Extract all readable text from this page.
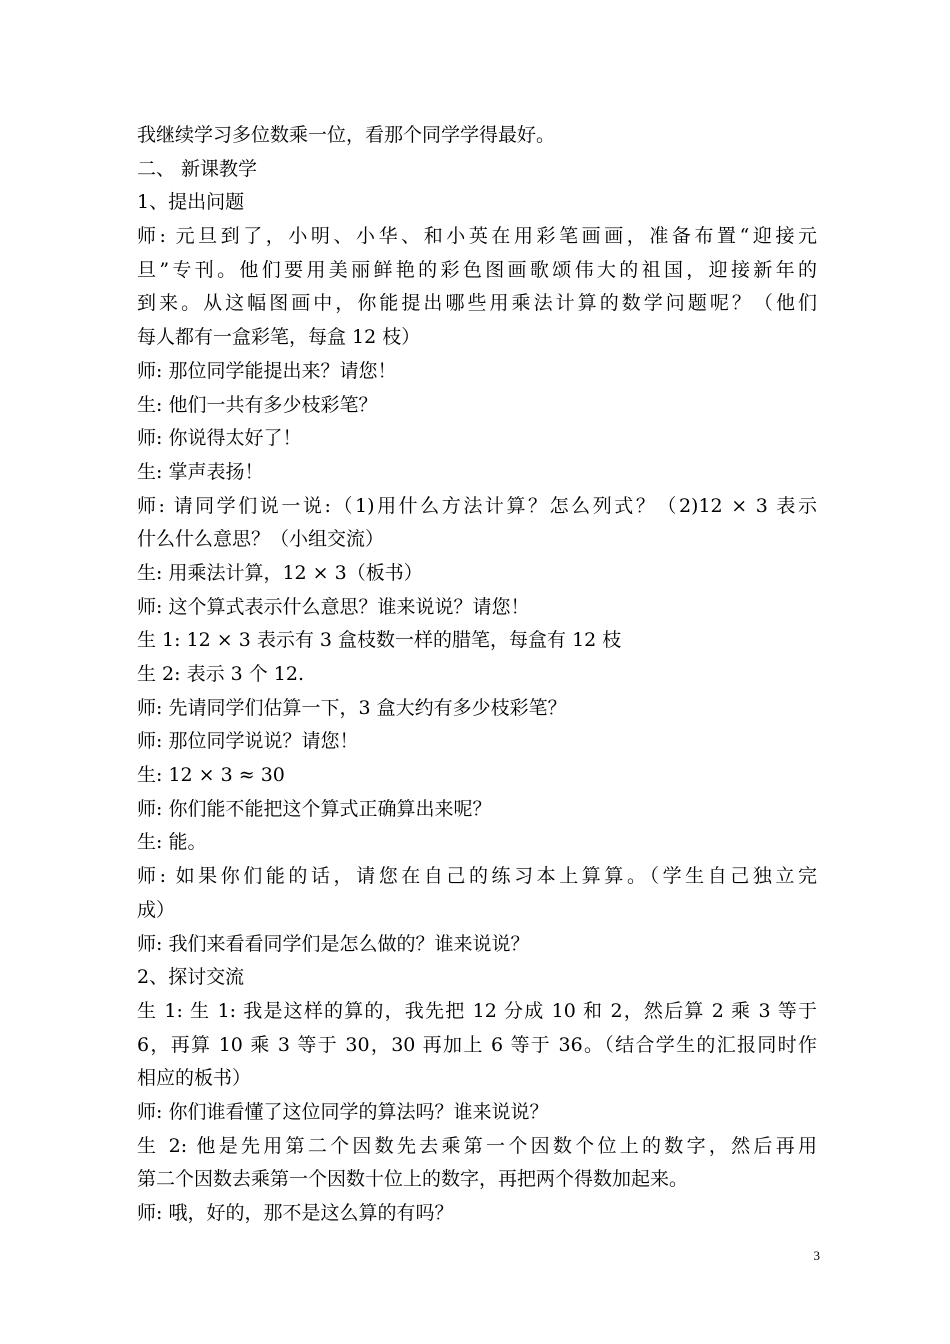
我继续学习多位数乘一位，看那个同学学得最好。
二、 新课教学
1、提出问题
师: 元旦到了，小明、小华、和小英在用彩笔画画，准备布置“迎接元
旦”专刊。他们要用美丽鲜艳的彩色图画歌颂伟大的祖国，迎接新年的
到来。从这幅图画中，你能提出哪些用乘法计算的数学问题呢？（他们
每人都有一盒彩笔，每盒 12 枝）
师: 那位同学能提出来？请您！
生: 他们一共有多少枝彩笔？
师: 你说得太好了！
生: 掌声表扬！
师: 请同学们说一说:（1)用什么方法计算？怎么列式？（2)12 × 3 表示
什么什么意思？（小组交流）
生: 用乘法计算，12 × 3（板书）
师: 这个算式表示什么意思？谁来说说？请您！
生 1: 12 × 3 表示有 3 盒枝数一样的腊笔，每盒有 12 枝
生 2: 表示 3 个 12.
师: 先请同学们估算一下，3 盒大约有多少枝彩笔？
师: 那位同学说说？请您！
生: 12 × 3 ≈ 30
师: 你们能不能把这个算式正确算出来呢？
生: 能。
师: 如果你们能的话，请您在自己的练习本上算算。（学生自己独立完
成）
师: 我们来看看同学们是怎么做的？谁来说说？
2、探讨交流
生 1: 生 1: 我是这样的算的，我先把 12 分成 10 和 2，然后算 2 乘 3 等于
6，再算 10 乘 3 等于 30，30 再加上 6 等于 36。（结合学生的汇报同时作
相应的板书）
师: 你们谁看懂了这位同学的算法吗？谁来说说？
生 2: 他是先用第二个因数先去乘第一个因数个位上的数字，然后再用
第二个因数去乘第一个因数十位上的数字，再把两个得数加起来。
师: 哦，好的，那不是这么算的有吗？
3
